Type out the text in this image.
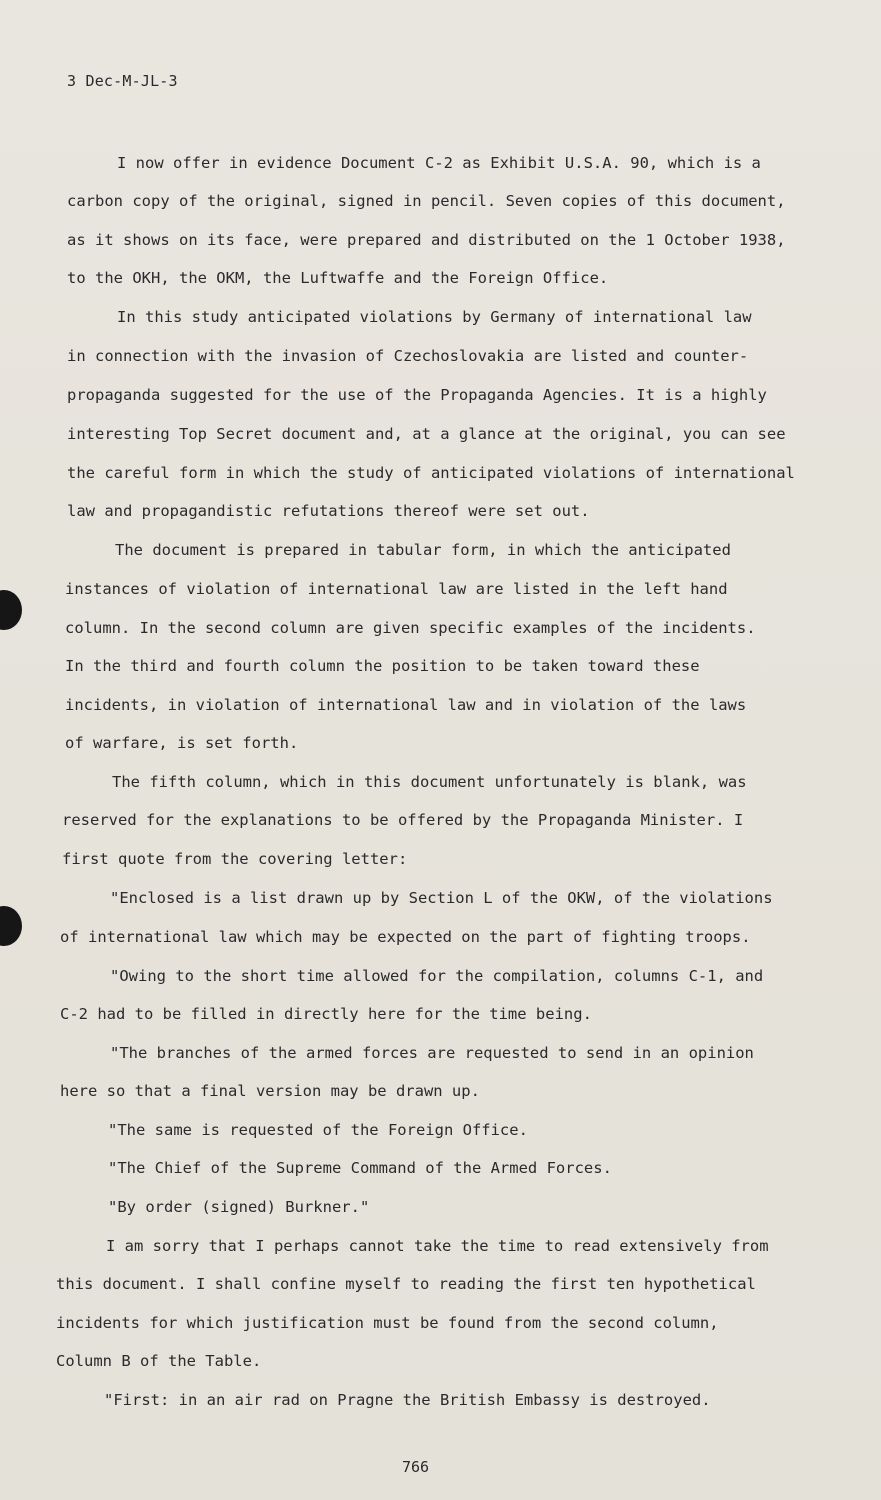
3 Dec-M-JL-3
I now offer in evidence Document C-2 as Exhibit U.S.A. 90, which is a
carbon copy of the original, signed in pencil. Seven copies of this document,
as it shows on its face, were prepared and distributed on the 1 October 1938,
to the OKH, the OKM, the Luftwaffe and the Foreign Office.
In this study anticipated violations by Germany of international law
in connection with the invasion of Czechoslovakia are listed and counter-
propaganda suggested for the use of the Propaganda Agencies. It is a highly
interesting Top Secret document and, at a glance at the original, you can see
the careful form in which the study of anticipated violations of international
law and propagandistic refutations thereof were set out.
The document is prepared in tabular form, in which the anticipated
instances of violation of international law are listed in the left hand
column. In the second column are given specific examples of the incidents.
In the third and fourth column the position to be taken toward these
incidents, in violation of international law and in violation of the laws
of warfare, is set forth.
The fifth column, which in this document unfortunately is blank, was
reserved for the explanations to be offered by the Propaganda Minister. I
first quote from the covering letter:
"Enclosed is a list drawn up by Section L of the OKW, of the violations
of international law which may be expected on the part of fighting troops.
"Owing to the short time allowed for the compilation, columns C-1, and
C-2 had to be filled in directly here for the time being.
"The branches of the armed forces are requested to send in an opinion
here so that a final version may be drawn up.
"The same is requested of the Foreign Office.
"The Chief of the Supreme Command of the Armed Forces.
"By order (signed) Burkner."
I am sorry that I perhaps cannot take the time to read extensively from
this document. I shall confine myself to reading the first ten hypothetical
incidents for which justification must be found from the second column,
Column B of the Table.
"First: in an air rad on Pragne the British Embassy is destroyed.
766
